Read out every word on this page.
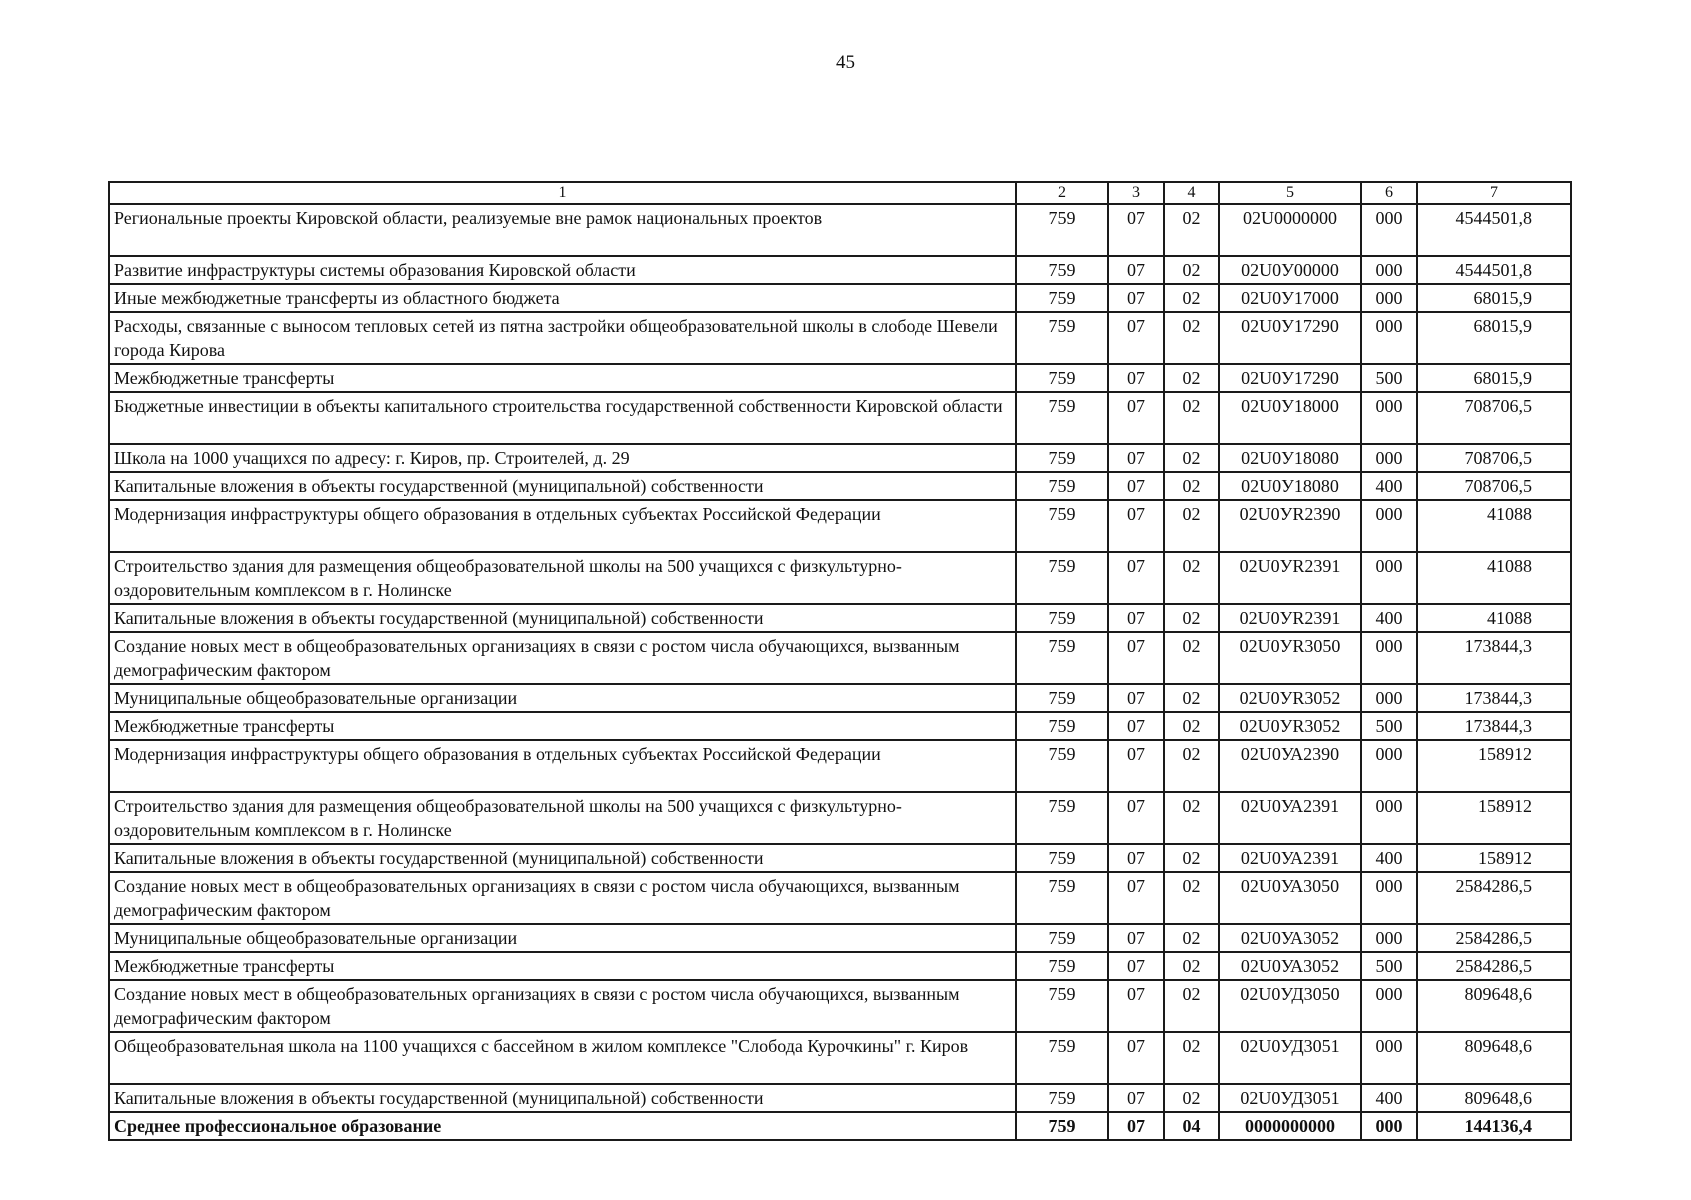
45
1	2	3	4	5	6	7
Региональные проекты Кировской области, реализуемые вне рамок национальных проектов	759	07	02	02U0000000	000	4544501,8
Развитие инфраструктуры системы образования Кировской области	759	07	02	02U0У00000	000	4544501,8
Иные межбюджетные трансферты из областного бюджета	759	07	02	02U0У17000	000	68015,9
Расходы, связанные с выносом тепловых сетей из пятна застройки общеобразовательной школы в слободе Шевели города Кирова	759	07	02	02U0У17290	000	68015,9
Межбюджетные трансферты	759	07	02	02U0У17290	500	68015,9
Бюджетные инвестиции в объекты капитального строительства государственной собственности Кировской области	759	07	02	02U0У18000	000	708706,5
Школа на 1000 учащихся по адресу: г. Киров, пр. Строителей, д. 29	759	07	02	02U0У18080	000	708706,5
Капитальные вложения в объекты государственной (муниципальной) собственности	759	07	02	02U0У18080	400	708706,5
Модернизация инфраструктуры общего образования в отдельных субъектах Российской Федерации	759	07	02	02U0УR2390	000	41088
Строительство здания для размещения общеобразовательной школы на 500 учащихся с физкультурно-оздоровительным комплексом в г. Нолинске	759	07	02	02U0УR2391	000	41088
Капитальные вложения в объекты государственной (муниципальной) собственности	759	07	02	02U0УR2391	400	41088
Создание новых мест в общеобразовательных организациях в связи с ростом числа обучающихся, вызванным демографическим фактором	759	07	02	02U0УR3050	000	173844,3
Муниципальные общеобразовательные организации	759	07	02	02U0УR3052	000	173844,3
Межбюджетные трансферты	759	07	02	02U0УR3052	500	173844,3
Модернизация инфраструктуры общего образования в отдельных субъектах Российской Федерации	759	07	02	02U0УА2390	000	158912
Строительство здания для размещения общеобразовательной школы на 500 учащихся с физкультурно-оздоровительным комплексом в г. Нолинске	759	07	02	02U0УА2391	000	158912
Капитальные вложения в объекты государственной (муниципальной) собственности	759	07	02	02U0УА2391	400	158912
Создание новых мест в общеобразовательных организациях в связи с ростом числа обучающихся, вызванным демографическим фактором	759	07	02	02U0УА3050	000	2584286,5
Муниципальные общеобразовательные организации	759	07	02	02U0УА3052	000	2584286,5
Межбюджетные трансферты	759	07	02	02U0УА3052	500	2584286,5
Создание новых мест в общеобразовательных организациях в связи с ростом числа обучающихся, вызванным демографическим фактором	759	07	02	02U0УД3050	000	809648,6
Общеобразовательная школа на 1100 учащихся с бассейном в жилом комплексе "Слобода Курочкины" г. Киров	759	07	02	02U0УД3051	000	809648,6
Капитальные вложения в объекты государственной (муниципальной) собственности	759	07	02	02U0УД3051	400	809648,6
Среднее профессиональное образование	759	07	04	0000000000	000	144136,4
